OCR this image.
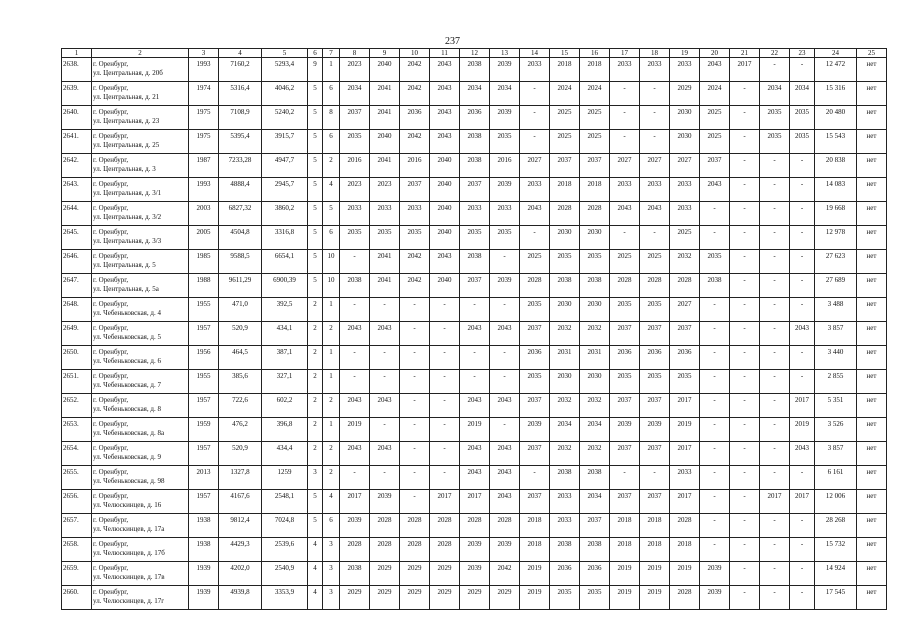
237
1	2	3	4	5	6	7	8	9	10	11	12	13	14	15	16	17	18	19	20	21	22	23	24	25
2638.	г. Оренбург,
ул. Центральная, д. 20б	1993	7160,2	5293,4	9	1	2023	2040	2042	2043	2038	2039	2033	2018	2018	2033	2033	2033	2043	2017	-	-	12 472	нет
2639.	г. Оренбург,
ул. Центральная, д. 21	1974	5316,4	4046,2	5	6	2034	2041	2042	2043	2034	2034	-	2024	2024	-	-	2029	2024	-	2034	2034	15 316	нет
2640.	г. Оренбург,
ул. Центральная, д. 23	1975	7108,9	5240,2	5	8	2037	2041	2036	2043	2036	2039	-	2025	2025	-	-	2030	2025	-	2035	2035	20 480	нет
2641.	г. Оренбург,
ул. Центральная, д. 25	1975	5395,4	3915,7	5	6	2035	2040	2042	2043	2038	2035	-	2025	2025	-	-	2030	2025	-	2035	2035	15 543	нет
2642.	г. Оренбург,
ул. Центральная, д. 3	1987	7233,28	4947,7	5	2	2016	2041	2016	2040	2038	2016	2027	2037	2037	2027	2027	2027	2037	-	-	-	20 838	нет
2643.	г. Оренбург,
ул. Центральная, д. 3/1	1993	4888,4	2945,7	5	4	2023	2023	2037	2040	2037	2039	2033	2018	2018	2033	2033	2033	2043	-	-	-	14 083	нет
2644.	г. Оренбург,
ул. Центральная, д. 3/2	2003	6827,32	3860,2	5	5	2033	2033	2033	2040	2033	2033	2043	2028	2028	2043	2043	2033	-	-	-	-	19 668	нет
2645.	г. Оренбург,
ул. Центральная, д. 3/3	2005	4504,8	3316,8	5	6	2035	2035	2035	2040	2035	2035	-	2030	2030	-	-	2025	-	-	-	-	12 978	нет
2646.	г. Оренбург,
ул. Центральная, д. 5	1985	9588,5	6654,1	5	10	-	2041	2042	2043	2038	-	2025	2035	2035	2025	2025	2032	2035	-	-	-	27 623	нет
2647.	г. Оренбург,
ул. Центральная, д. 5а	1988	9611,29	6900,39	5	10	2038	2041	2042	2040	2037	2039	2028	2038	2038	2028	2028	2028	2038	-	-	-	27 689	нет
2648.	г. Оренбург,
ул. Чебеньковская, д. 4	1955	471,0	392,5	2	1	-	-	-	-	-	-	2035	2030	2030	2035	2035	2027	-	-	-	-	3 488	нет
2649.	г. Оренбург,
ул. Чебеньковская, д. 5	1957	520,9	434,1	2	2	2043	2043	-	-	2043	2043	2037	2032	2032	2037	2037	2037	-	-	-	2043	3 857	нет
2650.	г. Оренбург,
ул. Чебеньковская, д. 6	1956	464,5	387,1	2	1	-	-	-	-	-	-	2036	2031	2031	2036	2036	2036	-	-	-	-	3 440	нет
2651.	г. Оренбург,
ул. Чебеньковская, д. 7	1955	385,6	327,1	2	1	-	-	-	-	-	-	2035	2030	2030	2035	2035	2035	-	-	-	-	2 855	нет
2652.	г. Оренбург,
ул. Чебеньковская, д. 8	1957	722,6	602,2	2	2	2043	2043	-	-	2043	2043	2037	2032	2032	2037	2037	2017	-	-	-	2017	5 351	нет
2653.	г. Оренбург,
ул. Чебеньковская, д. 8а	1959	476,2	396,8	2	1	2019	-	-	-	2019	-	2039	2034	2034	2039	2039	2019	-	-	-	2019	3 526	нет
2654.	г. Оренбург,
ул. Чебеньковская, д. 9	1957	520,9	434,4	2	2	2043	2043	-	-	2043	2043	2037	2032	2032	2037	2037	2017	-	-	-	2043	3 857	нет
2655.	г. Оренбург,
ул. Чебеньковская, д. 98	2013	1327,8	1259	3	2	-	-	-	-	2043	2043	-	2038	2038	-	-	2033	-	-	-	-	6 161	нет
2656.	г. Оренбург,
ул. Челюскинцев, д. 16	1957	4167,6	2548,1	5	4	2017	2039	-	2017	2017	2043	2037	2033	2034	2037	2037	2017	-	-	2017	2017	12 006	нет
2657.	г. Оренбург,
ул. Челюскинцев, д. 17а	1938	9812,4	7024,8	5	6	2039	2028	2028	2028	2028	2028	2018	2033	2037	2018	2018	2028	-	-	-	-	28 268	нет
2658.	г. Оренбург,
ул. Челюскинцев, д. 17б	1938	4429,3	2539,6	4	3	2028	2028	2028	2028	2039	2039	2018	2038	2038	2018	2018	2018	-	-	-	-	15 732	нет
2659.	г. Оренбург,
ул. Челюскинцев, д. 17в	1939	4202,0	2540,9	4	3	2038	2029	2029	2029	2039	2042	2019	2036	2036	2019	2019	2019	2039	-	-	-	14 924	нет
2660.	г. Оренбург,
ул. Челюскинцев, д. 17г	1939	4939,8	3353,9	4	3	2029	2029	2029	2029	2029	2029	2019	2035	2035	2019	2019	2028	2039	-	-	-	17 545	нет
